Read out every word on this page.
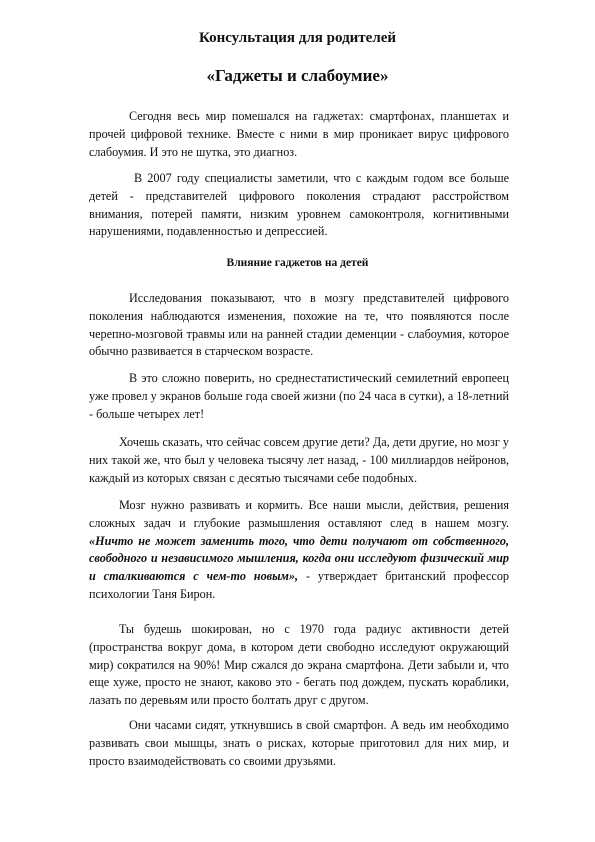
Консультация для родителей
«Гаджеты и слабоумие»

Сегодня весь мир помешался на гаджетах: смартфонах, планшетах и прочей цифровой технике. Вместе с ними в мир проникает вирус цифрового слабоумия. И это не шутка, это диагноз.

В 2007 году специалисты заметили, что с каждым годом все больше детей - представителей цифрового поколения страдают расстройством внимания, потерей памяти, низким уровнем самоконтроля, когнитивными нарушениями, подавленностью и депрессией.

Влияние гаджетов на детей

Исследования показывают, что в мозгу представителей цифрового поколения наблюдаются изменения, похожие на те, что появляются после черепно-мозговой травмы или на ранней стадии деменции - слабоумия, которое обычно развивается в старческом возрасте.

В это сложно поверить, но среднестатистический семилетний европеец уже провел у экранов больше года своей жизни (по 24 часа в сутки), а 18-летний - больше четырех лет!

Хочешь сказать, что сейчас совсем другие дети? Да, дети другие, но мозг у них такой же, что был у человека тысячу лет назад, - 100 миллиардов нейронов, каждый из которых связан с десятью тысячами себе подобных.

Мозг нужно развивать и кормить. Все наши мысли, действия, решения сложных задач и глубокие размышления оставляют след в нашем мозгу. «Ничто не может заменить того, что дети получают от собственного, свободного и независимого мышления, когда они исследуют физический мир и сталкиваются с чем-то новым», - утверждает британский профессор психологии Таня Бирон.

Ты будешь шокирован, но с 1970 года радиус активности детей (пространства вокруг дома, в котором дети свободно исследуют окружающий мир) сократился на 90%! Мир сжался до экрана смартфона. Дети забыли и, что еще хуже, просто не знают, каково это - бегать под дождем, пускать кораблики, лазать по деревьям или просто болтать друг с другом.

Они часами сидят, уткнувшись в свой смартфон. А ведь им необходимо развивать свои мышцы, знать о рисках, которые приготовил для них мир, и просто взаимодействовать со своими друзьями.
